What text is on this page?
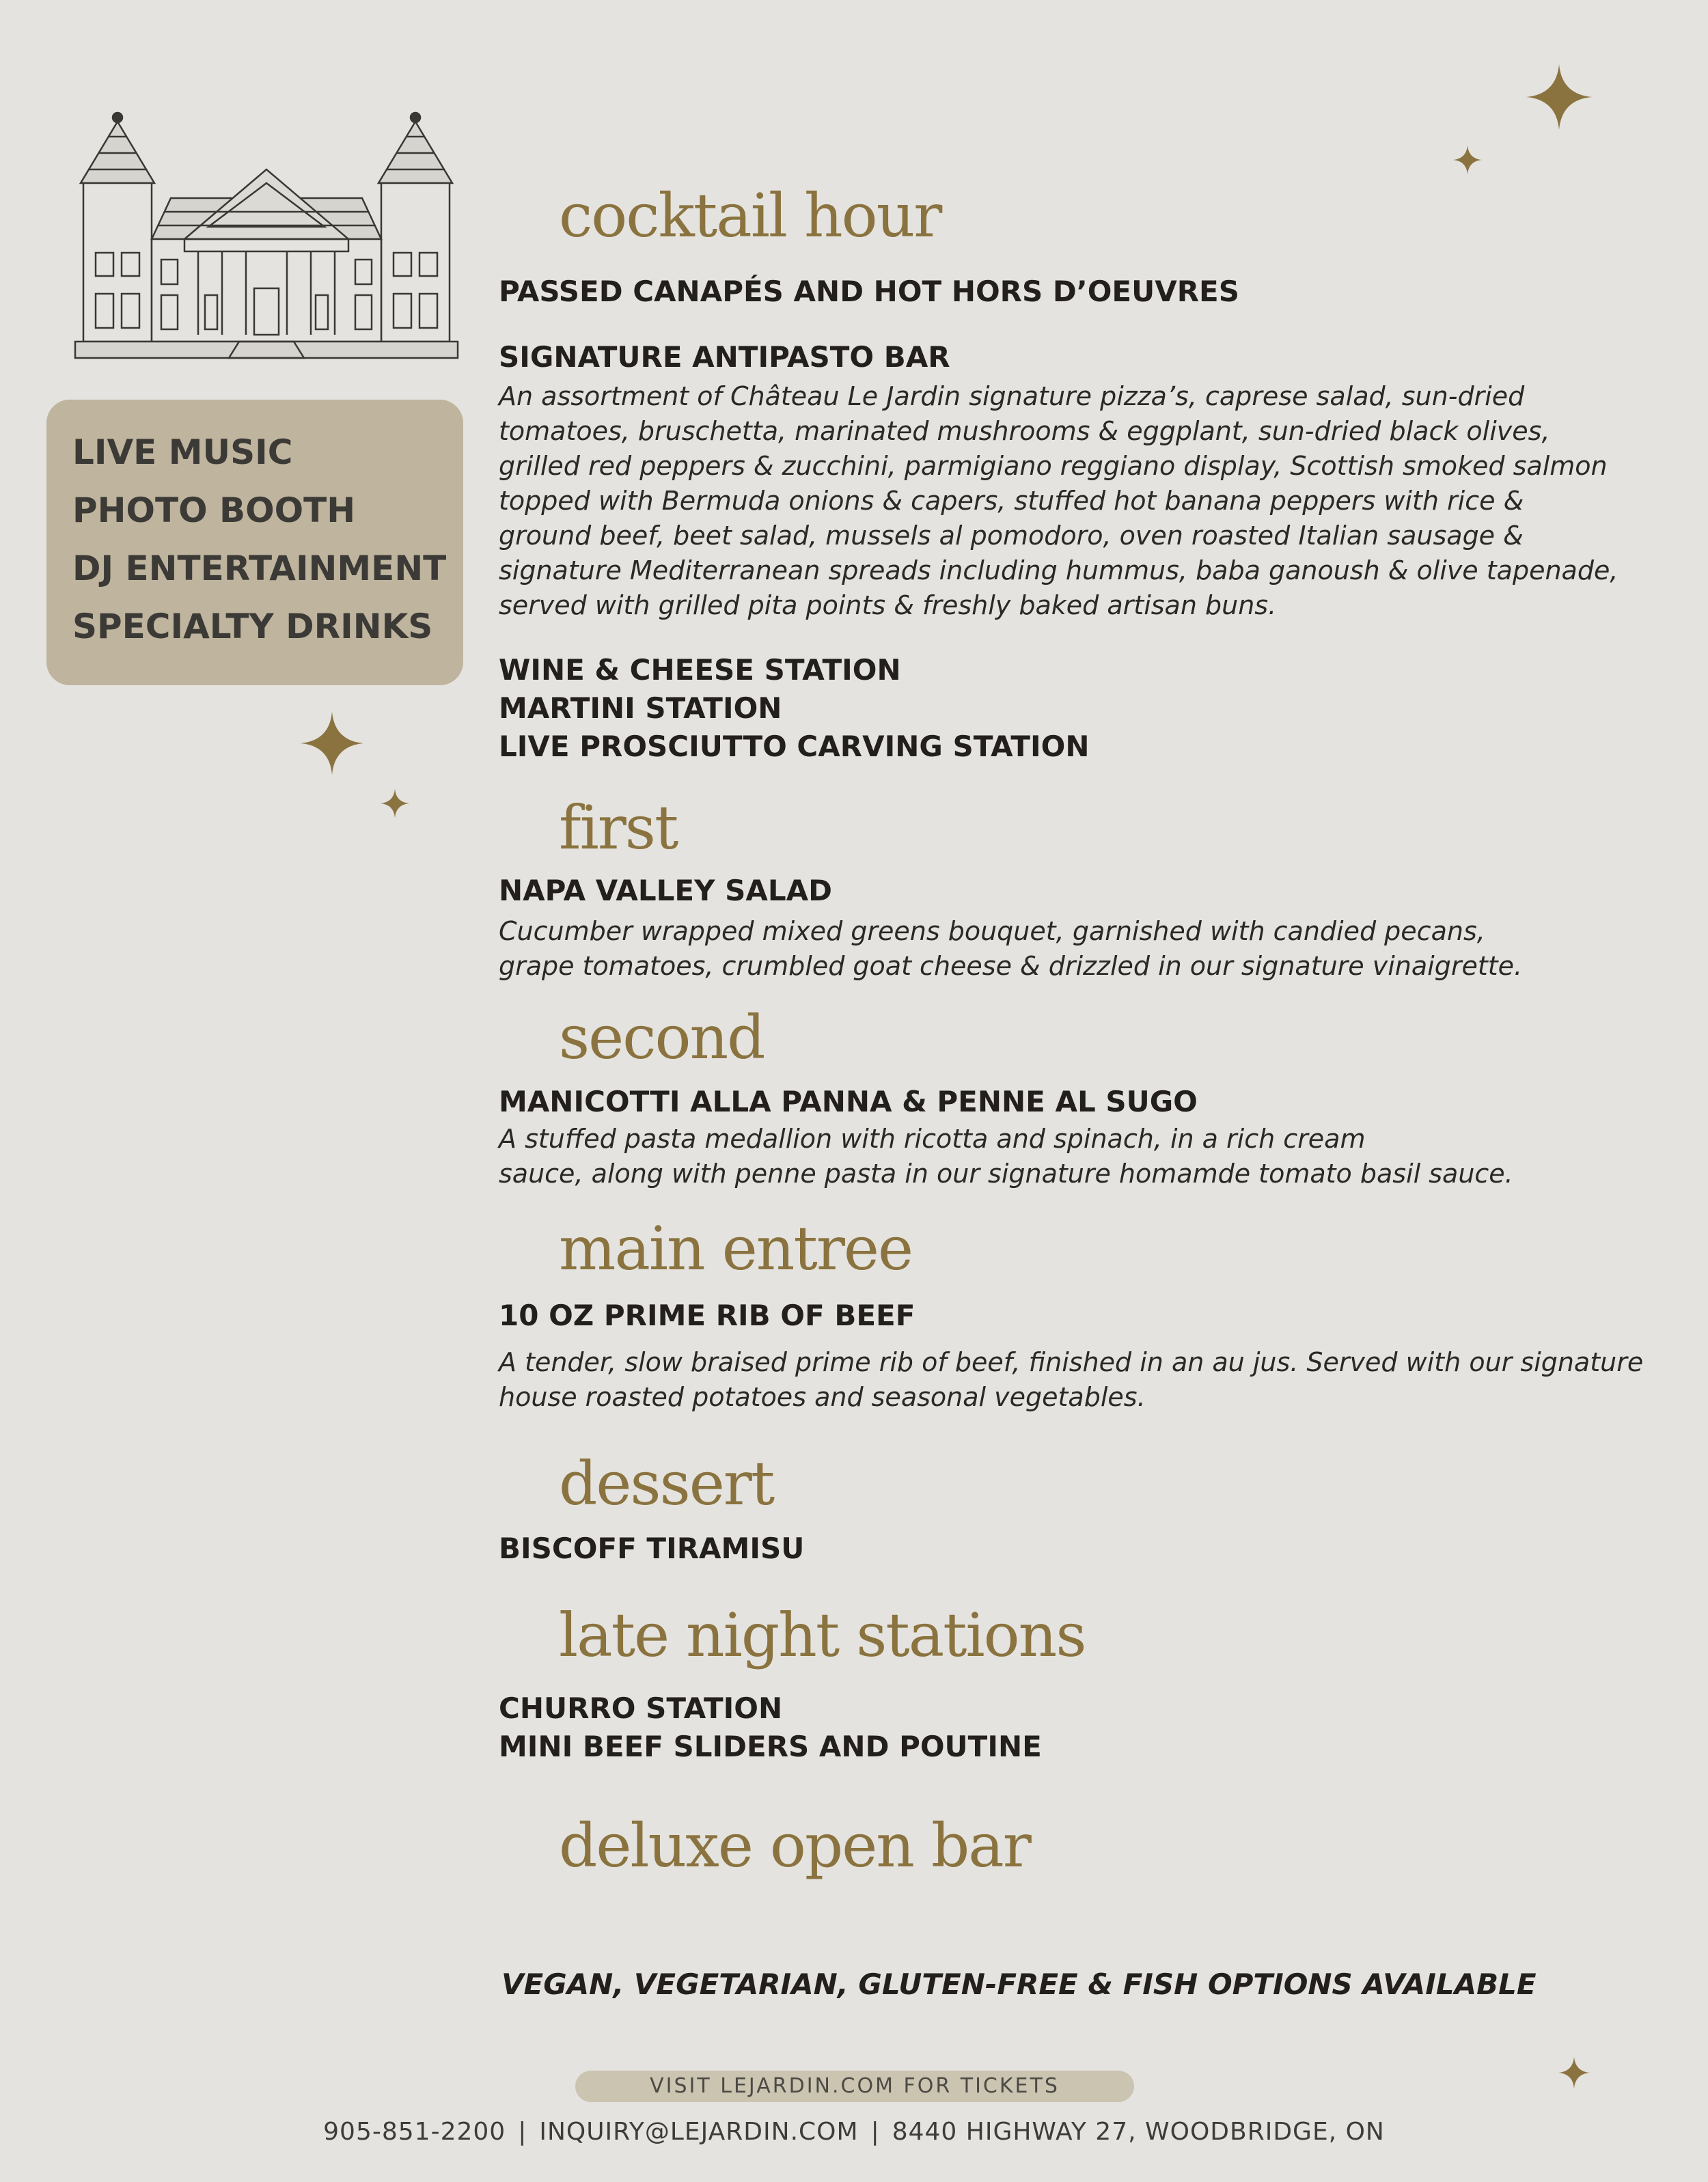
LIVE MUSIC
PHOTO BOOTH
DJ ENTERTAINMENT
SPECIALTY DRINKS
cocktail hour
PASSED CANAPÉS AND HOT HORS D’OEUVRES
SIGNATURE ANTIPASTO BAR
An assortment of Château Le Jardin signature pizza’s, caprese salad, sun-dried
tomatoes, bruschetta, marinated mushrooms & eggplant, sun-dried black olives,
grilled red peppers & zucchini, parmigiano reggiano display, Scottish smoked salmon
topped with Bermuda onions & capers, stuffed hot banana peppers with rice &
ground beef, beet salad, mussels al pomodoro, oven roasted Italian sausage &
signature Mediterranean spreads including hummus, baba ganoush & olive tapenade,
served with grilled pita points & freshly baked artisan buns.
WINE & CHEESE STATION
MARTINI STATION
LIVE PROSCIUTTO CARVING STATION
first
NAPA VALLEY SALAD
Cucumber wrapped mixed greens bouquet, garnished with candied pecans,
grape tomatoes, crumbled goat cheese & drizzled in our signature vinaigrette.
second
MANICOTTI ALLA PANNA & PENNE AL SUGO
A stuffed pasta medallion with ricotta and spinach, in a rich cream
sauce, along with penne pasta in our signature homamde tomato basil sauce.
main entree
10 OZ PRIME RIB OF BEEF
A tender, slow braised prime rib of beef, finished in an au jus. Served with our signature
house roasted potatoes and seasonal vegetables.
dessert
BISCOFF TIRAMISU
late night stations
CHURRO STATION
MINI BEEF SLIDERS AND POUTINE
deluxe open bar
VEGAN, VEGETARIAN, GLUTEN-FREE & FISH OPTIONS AVAILABLE
VISIT LEJARDIN.COM FOR TICKETS
905-851-2200 | INQUIRY@LEJARDIN.COM | 8440 HIGHWAY 27, WOODBRIDGE, ON
